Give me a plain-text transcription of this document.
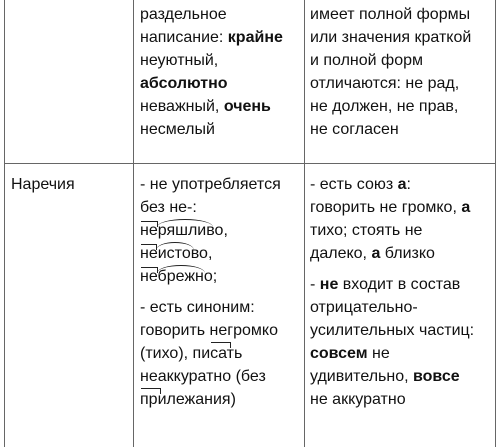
раздельное
написание: крайне
неуютный,
абсолютно
неважный, очень
несмелый
имеет полной формы
или значения краткой
и полной форм
отличаются: не рад,
не должен, не прав,
не согласен
Наречия	- не употребляется
без не-:
неряшливо,
неистово,
небрежно;
- есть синоним:
говорить негромко
(тихо), писать
неаккуратно (без
прилежания)
- есть союз а:
говорить не громко, а
тихо; стоять не
далеко, а близко
- не входит в состав
отрицательно-
усилительных частиц:
совсем не
удивительно, вовсе
не аккуратно
